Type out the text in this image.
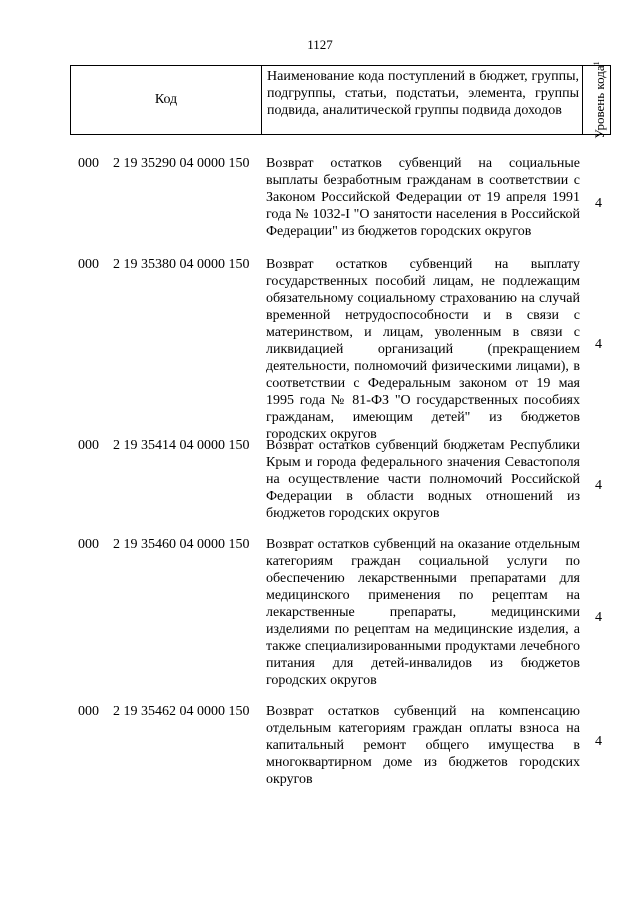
1127
Код
Наименование кода поступлений в бюджет, группы, подгруппы, статьи, подстатьи, элемента, группы подвида, аналитической группы подвида доходов	Уровень кода$^1$
000 2 19 35290 04 0000 150 Возврат остатков субвенций на социальные выплаты безработным гражданам в соответствии с Законом Российской Федерации от 19 апреля 1991 года № 1032-I "О занятости населения в Российской Федерации" из бюджетов городских округов
4
000 2 19 35380 04 0000 150 Возврат остатков субвенций на выплату государственных пособий лицам, не подлежащим обязательному социальному страхованию на случай временной нетрудоспособности и в связи с материнством, и лицам, уволенным в связи с ликвидацией организаций (прекращением деятельности, полномочий физическими лицами), в соответствии с Федеральным законом от 19 мая 1995 года № 81-ФЗ "О государственных пособиях гражданам, имеющим детей" из бюджетов городских округов
4
000 2 19 35414 04 0000 150 Возврат остатков субвенций бюджетам Республики Крым и города федерального значения Севастополя на осуществление части полномочий Российской Федерации в области водных отношений из бюджетов городских округов
4
000 2 19 35460 04 0000 150 Возврат остатков субвенций на оказание отдельным категориям граждан социальной услуги по обеспечению лекарственными препаратами для медицинского применения по рецептам на лекарственные препараты, медицинскими изделиями по рецептам на медицинские изделия, а также специализированными продуктами лечебного питания для детей-инвалидов из бюджетов городских округов
4
000 2 19 35462 04 0000 150 Возврат остатков субвенций на компенсацию отдельным категориям граждан оплаты взноса на капитальный ремонт общего имущества в многоквартирном доме из бюджетов городских округов
4
